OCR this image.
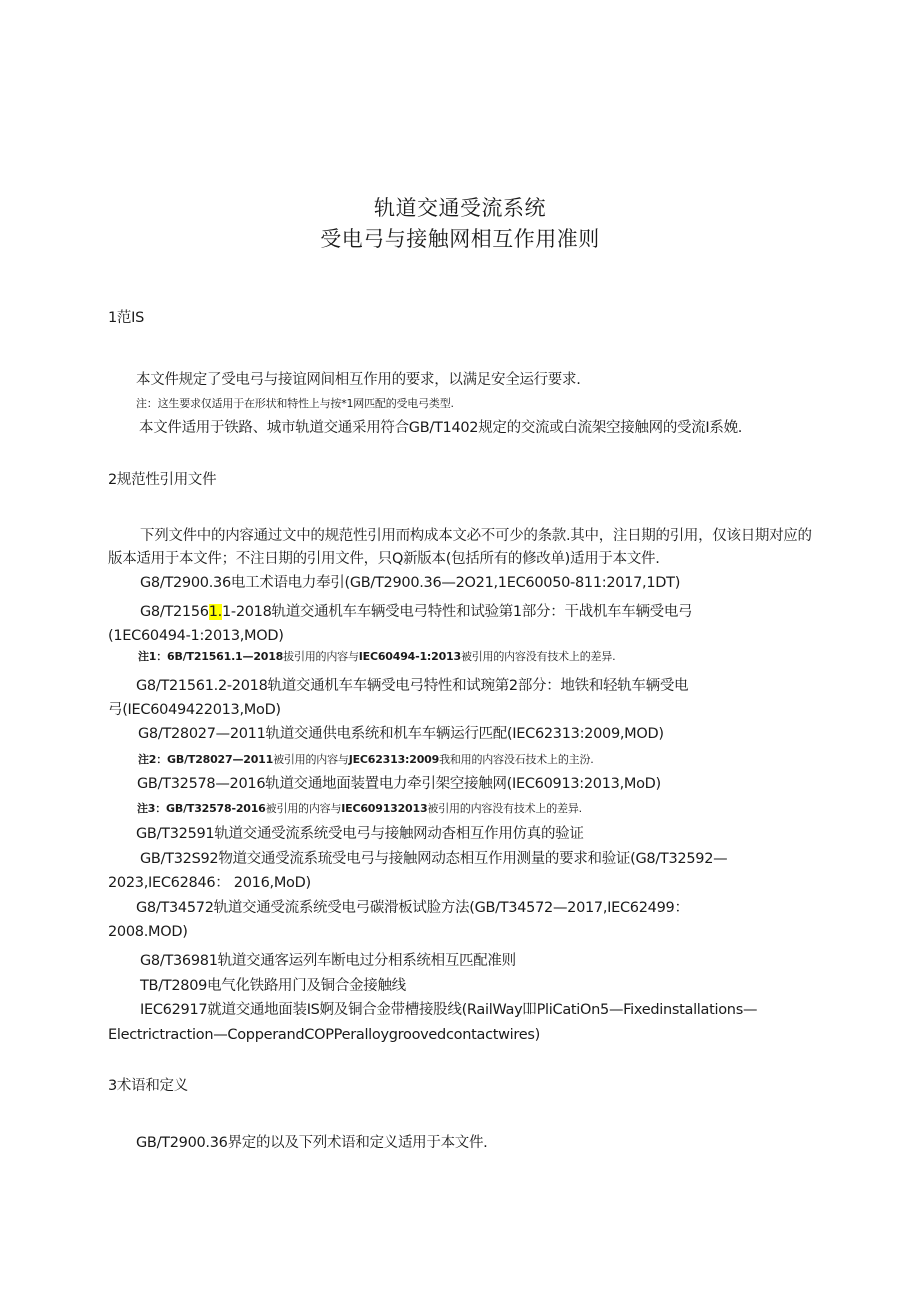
轨道交通受流系统
受电弓与接触网相互作用准则
1范IS
本文件规定了受电弓与接谊网间相互作用的要求，以满足安全运行要求.
注：这生要求仅适用于在形状和特性上与按*1网匹配的受电弓类型.
本文件适用于铁路、城市轨道交通采用符合GB/T1402规定的交流或白流架空接触网的受流I系娩.
2规范性引用文件
下列文件中的内容通过文中的规范性引用而构成本文必不可少的条款.其中，注日期的引用，仅该日期对应的
版本适用于本文件；不注日期的引用文件，只Q新版本(包括所有的修改单)适用于本文件.
G8/T2900.36电工术语电力奉引(GB/T2900.36—2O21,1EC60050-811:2017,1DT)
G8/T21561.1-2018轨道交通机车车辆受电弓特性和试验第1部分：干战机车车辆受电弓
(1EC60494-1:2013,MOD)
注1：6B/T21561.1—2018拔引用的内容与IEC60494-1:2013被引用的内容没有技术上的差异.
G8/T21561.2-2018轨道交通机车车辆受电弓特性和试琬第2部分：地铁和轻轨车辆受电
弓(IEC6049422013,MoD)
G8/T28027—2011轨道交通供电系统和机车车辆运行匹配(IEC62313:2009,MOD)
注2：GB/T28027—2011被引用的内容与JEC62313:2009我和用的内容没石技术上的主汾.
GB/T32578—2016轨道交通地面装置电力牵引架空接触网(IEC60913:2013,MoD)
注3：GB/T32578-2016被引用的内容与IEC609132013被引用的内容没有技术上的差异.
GB/T32591轨道交通受流系统受电弓与接触网动杳相互作用仿真的验证
GB/T32S92物道交通受流系琉受电弓与接触网动态相互作用测量的要求和验证(G8/T32592—
2023,IEC62846： 2016,MoD)
G8/T34572轨道交通受流系统受电弓碳滑板试脸方法(GB/T34572—2017,IEC62499：
2008.MOD)
G8/T36981轨道交通客运列车断电过分相系统相互匹配准则
TB/T2809电气化铁路用门及铜合金接触线
IEC62917就道交通地面装IS婀及铜合金带槽接股线(RailWay吅PliCatiOn5—Fixedinstallations—
Electrictraction—CopperandCOPPeralloygroovedcontactwires)
3术语和定义
GB/T2900.36界定的以及下列术语和定义适用于本文件.
